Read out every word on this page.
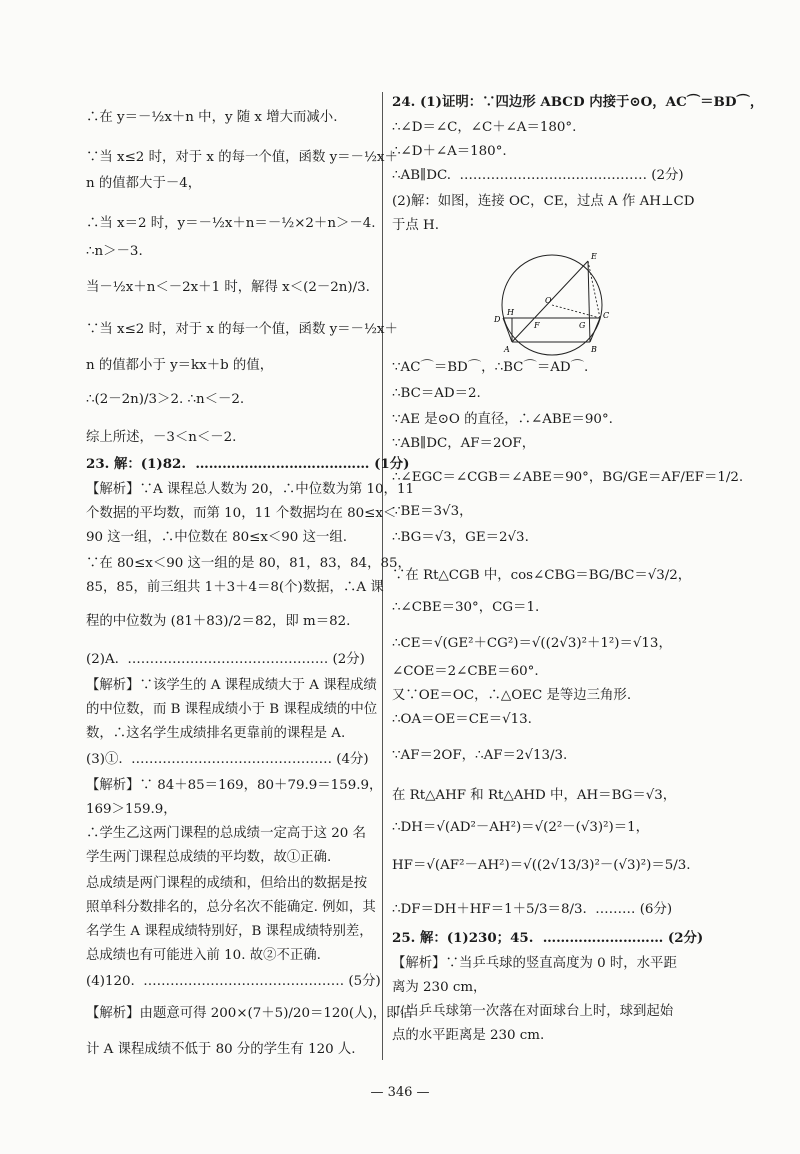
∴在 y＝－½x＋n 中，y 随 x 增大而减小.
∵当 x≤2 时，对于 x 的每一个值，函数 y＝－½x＋
n 的值都大于－4，
∴当 x＝2 时，y＝－½x＋n＝－½×2＋n＞－4.
∴n＞－3.
当－½x＋n＜－2x＋1 时，解得 x＜(2－2n)/3.
∵当 x≤2 时，对于 x 的每一个值，函数 y＝－½x＋
n 的值都小于 y＝kx＋b 的值，
∴(2－2n)/3＞2. ∴n＜－2.
综上所述，－3＜n＜－2.
23. 解：(1)82.  ………………………………… (1分)
【解析】∵A 课程总人数为 20，∴中位数为第 10，11
个数据的平均数，而第 10，11 个数据均在 80≤x＜
90 这一组，∴中位数在 80≤x＜90 这一组.
∵在 80≤x＜90 这一组的是 80，81，83，84，85，
85，85，前三组共 1＋3＋4＝8(个)数据，∴A 课
程的中位数为 (81＋83)/2＝82，即 m＝82.
(2)A.  ……………………………………… (2分)
【解析】∵该学生的 A 课程成绩大于 A 课程成绩
的中位数，而 B 课程成绩小于 B 课程成绩的中位
数，∴这名学生成绩排名更靠前的课程是 A.
(3)①.  ……………………………………… (4分)
【解析】∵ 84＋85＝169，80＋79.9＝159.9，
169＞159.9，
∴学生乙这两门课程的总成绩一定高于这 20 名
学生两门课程总成绩的平均数，故①正确.
总成绩是两门课程的成绩和，但给出的数据是按
照单科分数排名的，总分名次不能确定. 例如，其
名学生 A 课程成绩特别好，B 课程成绩特别差，
总成绩也有可能进入前 10. 故②不正确.
(4)120.  ……………………………………… (5分)
【解析】由题意可得 200×(7＋5)/20＝120(人)，即估
计 A 课程成绩不低于 80 分的学生有 120 人.
24. (1)证明：∵四边形 ABCD 内接于⊙O，AC⌒＝BD⌒，
∴∠D＝∠C，∠C＋∠A＝180°.
∴∠D＋∠A＝180°.
∴AB∥DC.  …………………………………… (2分)
(2)解：如图，连接 OC，CE，过点 A 作 AH⊥CD
于点 H.
∵AC⌒＝BD⌒，∴BC⌒＝AD⌒.
∴BC＝AD＝2.
∵AE 是⊙O 的直径，∴∠ABE＝90°.
∵AB∥DC，AF＝2OF，
∴∠EGC＝∠CGB＝∠ABE＝90°，BG/GE＝AF/EF＝1/2.
∵BE＝3√3，
∴BG＝√3，GE＝2√3.
∵在 Rt△CGB 中，cos∠CBG＝BG/BC＝√3/2，
∴∠CBE＝30°，CG＝1.
∴CE＝√(GE²＋CG²)＝√((2√3)²＋1²)＝√13，
∠COE＝2∠CBE＝60°.
又∵OE＝OC，∴△OEC 是等边三角形.
∴OA＝OE＝CE＝√13.
∵AF＝2OF，∴AF＝2√13/3.
在 Rt△AHF 和 Rt△AHD 中，AH＝BG＝√3，
∴DH＝√(AD²－AH²)＝√(2²－(√3)²)＝1，
HF＝√(AF²－AH²)＝√((2√13/3)²－(√3)²)＝5/3.
∴DF＝DH＋HF＝1＋5/3＝8/3.  ……… (6分)
25. 解：(1)230；45.  ……………………… (2分)
【解析】∵当乒乓球的竖直高度为 0 时，水平距
离为 230 cm，
∴当乒乓球第一次落在对面球台上时，球到起始
点的水平距离是 230 cm.
E
O
D
H
F	G
C
A	B
— 346 —
